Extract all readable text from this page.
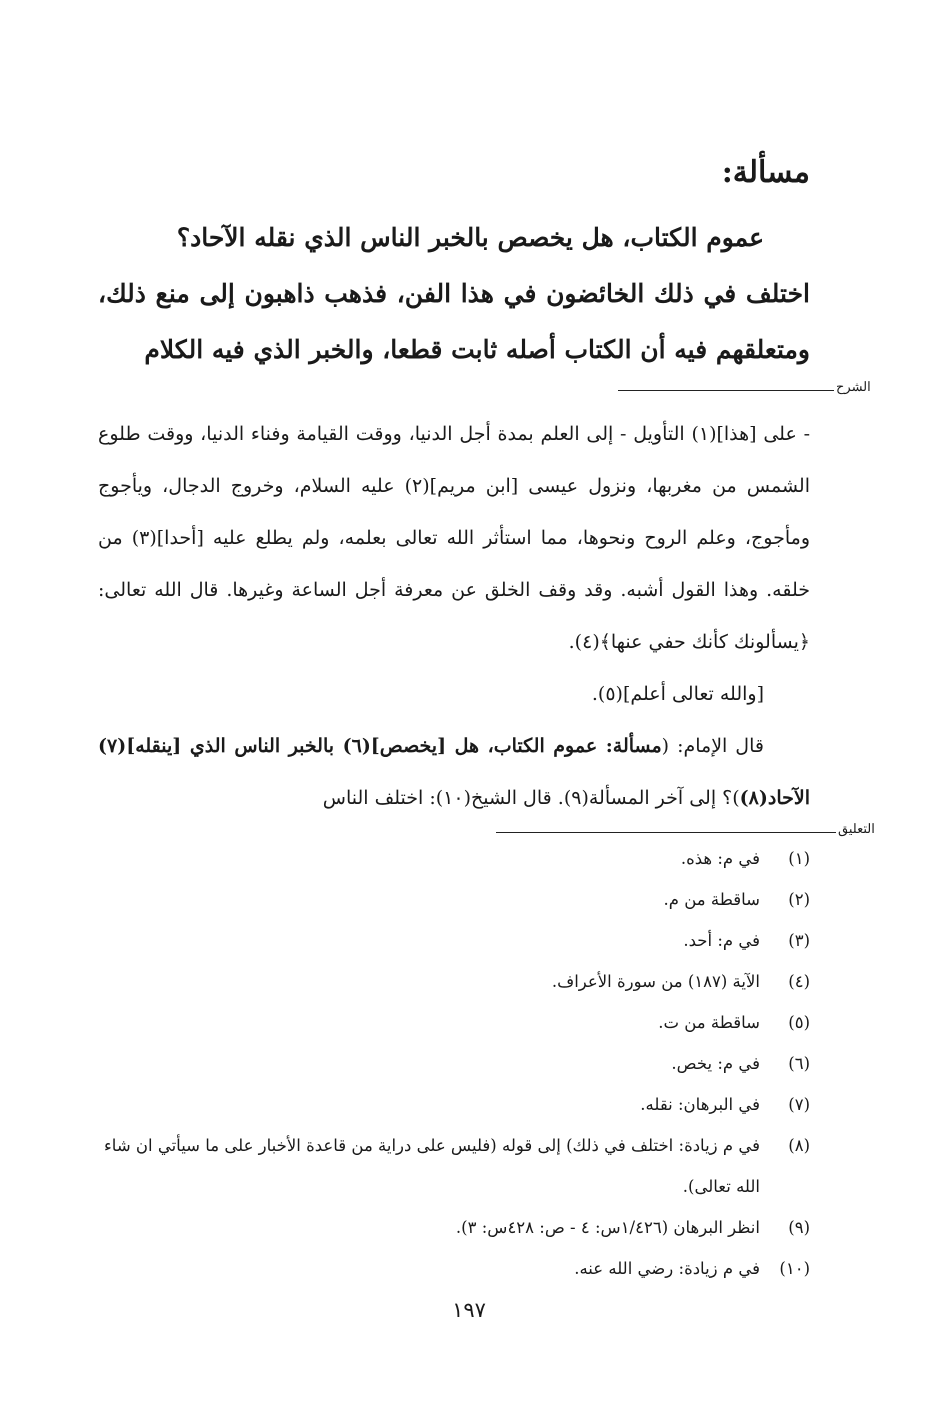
مسألة:

عموم الكتاب، هل يخصص بالخبر الناس الذي نقله الآحاد؟

اختلف في ذلك الخائضون في هذا الفن، فذهب ذاهبون إلى منع ذلك، ومتعلقهم فيه أن الكتاب أصله ثابت قطعا، والخبر الذي فيه الكلام

الشرح

- على [هذا](١) التأويل - إلى العلم بمدة أجل الدنيا، ووقت القيامة وفناء الدنيا، ووقت طلوع الشمس من مغربها، ونزول عيسى [ابن مريم](٢) عليه السلام، وخروج الدجال، ويأجوج ومأجوج، وعلم الروح ونحوها، مما استأثر الله تعالى بعلمه، ولم يطلع عليه [أحدا](٣) من خلقه. وهذا القول أشبه. وقد وقف الخلق عن معرفة أجل الساعة وغيرها. قال الله تعالى: ﴿يسألونك كأنك حفي عنها﴾(٤).

[والله تعالى أعلم](٥).

قال الإمام: (مسألة: عموم الكتاب، هل [يخصص](٦) بالخبر الناس الذي [ينقله](٧) الآحاد(٨))؟ إلى آخر المسألة(٩). قال الشيخ(١٠): اختلف الناس

التعليق
(١)
في م: هذه.
(٢)
ساقطة من م.
(٣)
في م: أحد.
(٤)
الآية (١٨٧) من سورة الأعراف.
(٥)
ساقطة من ت.
(٦)
في م: يخص.
(٧)
في البرهان: نقله.
(٨)
في م زيادة: اختلف في ذلك) إلى قوله (فليس على دراية من قاعدة الأخبار على ما سيأتي ان شاء الله تعالى).
(٩)
انظر البرهان (١/٤٢٦س: ٤ - ص: ٤٢٨س: ٣).
(١٠)
في م زيادة: رضي الله عنه.
١٩٧
